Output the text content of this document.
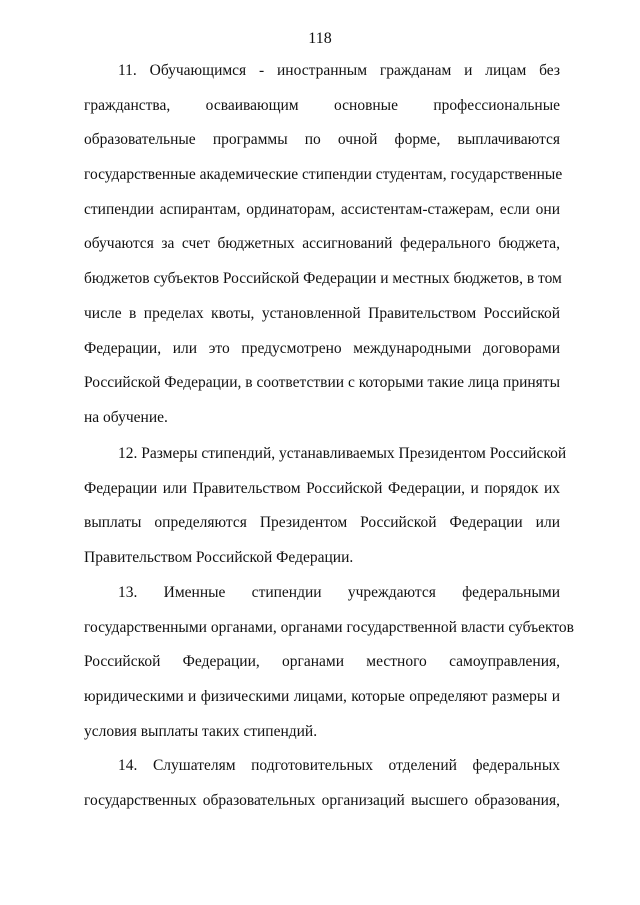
118
11. Обучающимся - иностранным гражданам и лицам без
гражданства, осваивающим основные профессиональные
образовательные программы по очной форме, выплачиваются
государственные академические стипендии студентам, государственные
стипендии аспирантам, ординаторам, ассистентам-стажерам, если они
обучаются за счет бюджетных ассигнований федерального бюджета,
бюджетов субъектов Российской Федерации и местных бюджетов, в том
числе в пределах квоты, установленной Правительством Российской
Федерации, или это предусмотрено международными договорами
Российской Федерации, в соответствии с которыми такие лица приняты
на обучение.
12. Размеры стипендий, устанавливаемых Президентом Российской
Федерации или Правительством Российской Федерации, и порядок их
выплаты определяются Президентом Российской Федерации или
Правительством Российской Федерации.
13. Именные стипендии учреждаются федеральными
государственными органами, органами государственной власти субъектов
Российской Федерации, органами местного самоуправления,
юридическими и физическими лицами, которые определяют размеры и
условия выплаты таких стипендий.
14. Слушателям подготовительных отделений федеральных
государственных образовательных организаций высшего образования,
